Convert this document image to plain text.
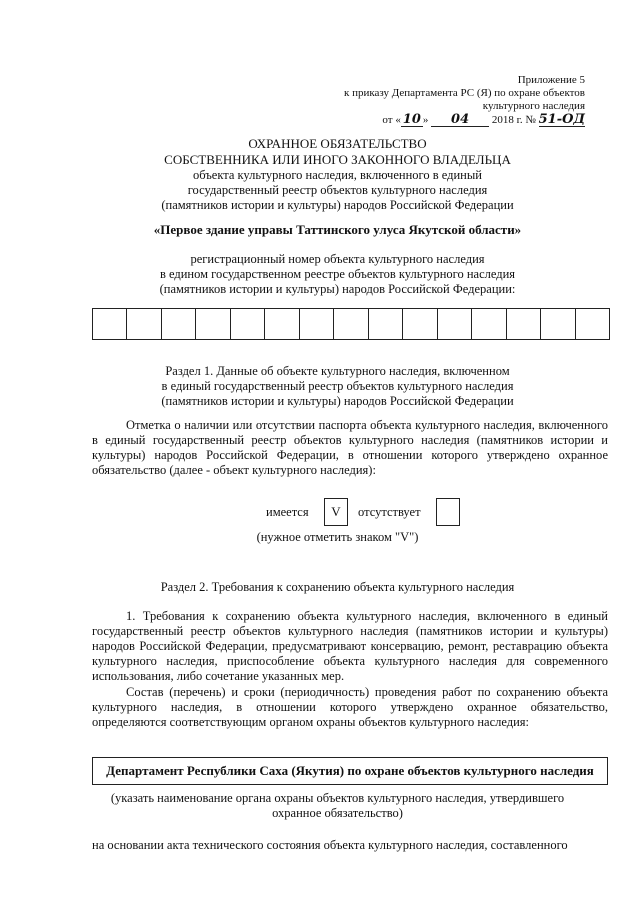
Приложение 5
к приказу Департамента РС (Я) по охране объектов
культурного наследия
от « 10 » 04 2018 г. № 51-ОД
ОХРАННОЕ ОБЯЗАТЕЛЬСТВО
СОБСТВЕННИКА ИЛИ ИНОГО ЗАКОННОГО ВЛАДЕЛЬЦА
объекта культурного наследия, включенного в единый
государственный реестр объектов культурного наследия
(памятников истории и культуры) народов Российской Федерации
«Первое здание управы Таттинского улуса Якутской области»
регистрационный номер объекта культурного наследия
в едином государственном реестре объектов культурного наследия
(памятников истории и культуры) народов Российской Федерации:
Раздел 1. Данные об объекте культурного наследия, включенном
в единый государственный реестр объектов культурного наследия
(памятников истории и культуры) народов Российской Федерации
Отметка о наличии или отсутствии паспорта объекта культурного наследия, включенного в единый государственный реестр объектов культурного наследия (памятников истории и культуры) народов Российской Федерации, в отношении которого утверждено охранное обязательство (далее - объект культурного наследия):
имеется	V	отсутствует
(нужное отметить знаком "V")
Раздел 2. Требования к сохранению объекта культурного наследия
1. Требования к сохранению объекта культурного наследия, включенного в единый государственный реестр объектов культурного наследия (памятников истории и культуры) народов Российской Федерации, предусматривают консервацию, ремонт, реставрацию объекта культурного наследия, приспособление объекта культурного наследия для современного использования, либо сочетание указанных мер.
Состав (перечень) и сроки (периодичность) проведения работ по сохранению объекта культурного наследия, в отношении которого утверждено охранное обязательство, определяются соответствующим органом охраны объектов культурного наследия:
Департамент Республики Саха (Якутия) по охране объектов культурного наследия
(указать наименование органа охраны объектов культурного наследия, утвердившего
охранное обязательство)
на основании акта технического состояния объекта культурного наследия, составленного
